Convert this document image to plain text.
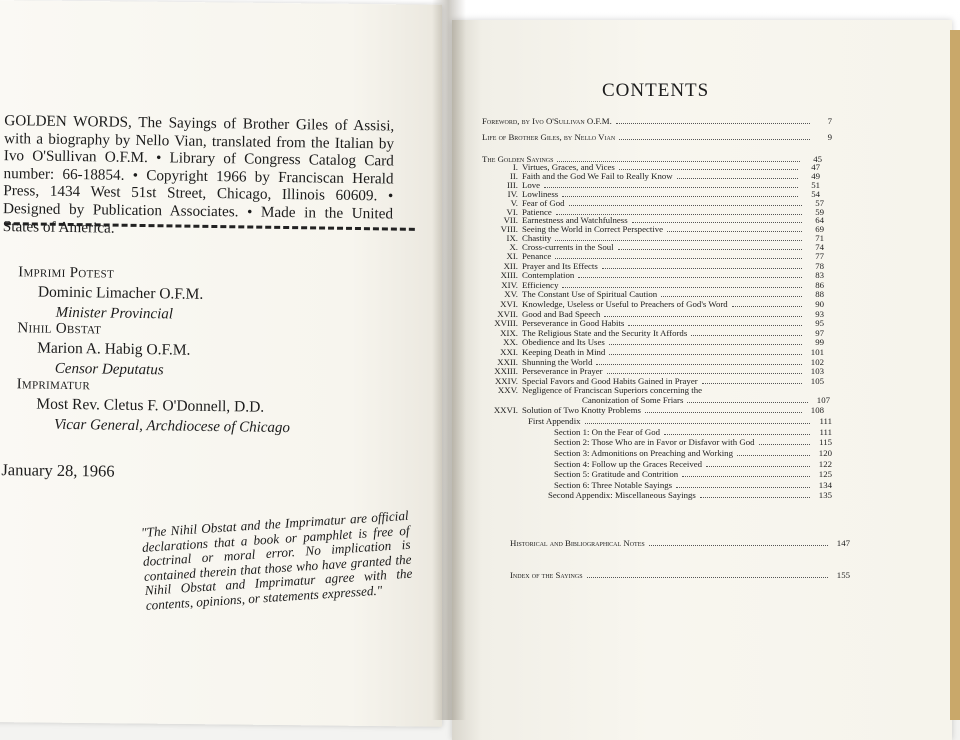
GOLDEN WORDS, The Sayings of Brother Giles of Assisi, with a biography by Nello Vian, translated from the Italian by Ivo O'Sullivan O.F.M. • Library of Congress Catalog Card number: 66-18854. • Copyright 1966 by Franciscan Herald Press, 1434 West 51st Street, Chicago, Illinois 60609. • Designed by Publication Associates. • Made in the United States of America.
Imprimi Potest
Dominic Limacher O.F.M.
Minister Provincial
Nihil Obstat
Marion A. Habig O.F.M.
Censor Deputatus
Imprimatur
Most Rev. Cletus F. O'Donnell, D.D.
Vicar General, Archdiocese of Chicago
January 28, 1966
"The Nihil Obstat and the Imprimatur are official declarations that a book or pamphlet is free of doctrinal or moral error. No implication is contained therein that those who have granted the Nihil Obstat and Imprimatur agree with the contents, opinions, or statements expressed."
CONTENTS
Foreword, by Ivo O'Sullivan O.F.M.	7
Life of Brother Giles, by Nello Vian	9
The Golden Sayings	45
I. Virtues, Graces, and Vices	47
II. Faith and the God We Fail to Really Know	49
III. Love	51
IV. Lowliness	54
V. Fear of God	57
VI. Patience	59
VII. Earnestness and Watchfulness	64
VIII. Seeing the World in Correct Perspective	69
IX. Chastity	71
X. Cross-currents in the Soul	74
XI. Penance	77
XII. Prayer and Its Effects	78
XIII. Contemplation	83
XIV. Efficiency	86
XV. The Constant Use of Spiritual Caution	88
XVI. Knowledge, Useless or Useful to Preachers of God's Word	90
XVII. Good and Bad Speech	93
XVIII. Perseverance in Good Habits	95
XIX. The Religious State and the Security It Affords	97
XX. Obedience and Its Uses	99
XXI. Keeping Death in Mind	101
XXII. Shunning the World	102
XXIII. Perseverance in Prayer	103
XXIV. Special Favors and Good Habits Gained in Prayer	105
XXV. Negligence of Franciscan Superiors concerning the
Canonization of Some Friars	107
XXVI. Solution of Two Knotty Problems	108
First Appendix	111
Section 1: On the Fear of God	111
Section 2: Those Who are in Favor or Disfavor with God	115
Section 3: Admonitions on Preaching and Working	120
Section 4: Follow up the Graces Received	122
Section 5: Gratitude and Contrition	125
Section 6: Three Notable Sayings	134
Second Appendix: Miscellaneous Sayings	135
Historical and Bibliographical Notes	147
Index of the Sayings	155
